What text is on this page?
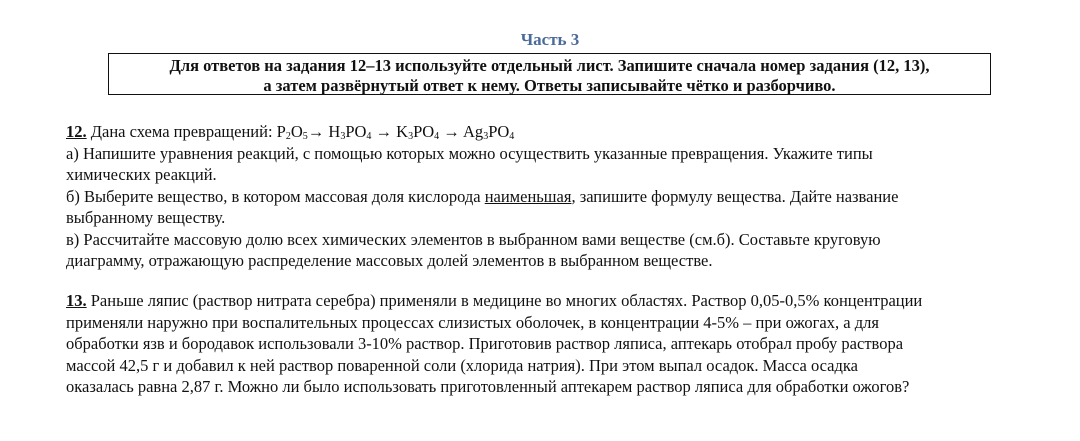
Часть 3
Для ответов на задания 12–13 используйте отдельный лист. Запишите сначала номер задания (12, 13),
а затем развёрнутый ответ к нему. Ответы записывайте чётко и разборчиво.
12. Дана схема превращений: $P_2O_5\to H_3PO_4 \to K_3PO_4 \to Ag_3PO_4$
а) Напишите уравнения реакций, с помощью которых можно осуществить указанные превращения. Укажите типы
химических реакций.
б) Выберите вещество, в котором массовая доля кислорода наименьшая, запишите формулу вещества. Дайте название
выбранному веществу.
в) Рассчитайте массовую долю всех химических элементов в выбранном вами веществе (см.б). Составьте круговую
диаграмму, отражающую распределение массовых долей элементов в выбранном веществе.
13. Раньше ляпис (раствор нитрата серебра) применяли в медицине во многих областях. Раствор 0,05-0,5% концентрации
применяли наружно при воспалительных процессах слизистых оболочек, в концентрации 4-5% – при ожогах, а для
обработки язв и бородавок использовали 3-10% раствор. Приготовив раствор ляписа, аптекарь отобрал пробу раствора
массой 42,5 г и добавил к ней раствор поваренной соли (хлорида натрия). При этом выпал осадок. Масса осадка
оказалась равна 2,87 г. Можно ли было использовать приготовленный аптекарем раствор ляписа для обработки ожогов?
